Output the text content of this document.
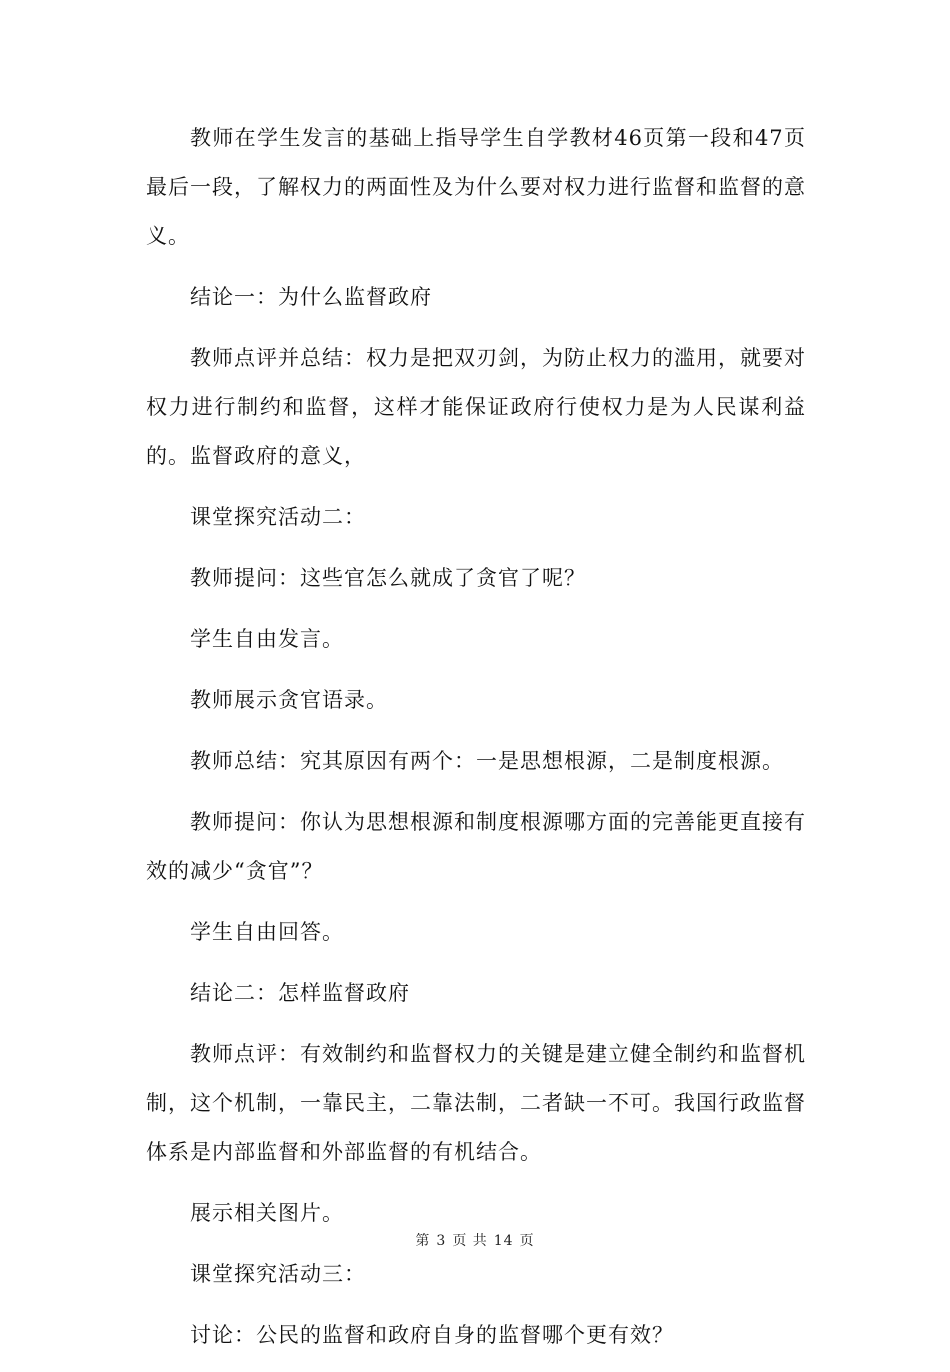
教师在学生发言的基础上指导学生自学教材46页第一段和47页最后一段，了解权力的两面性及为什么要对权力进行监督和监督的意义。

结论一：为什么监督政府

教师点评并总结：权力是把双刃剑，为防止权力的滥用，就要对权力进行制约和监督，这样才能保证政府行使权力是为人民谋利益的。监督政府的意义，

课堂探究活动二：

教师提问：这些官怎么就成了贪官了呢？

学生自由发言。

教师展示贪官语录。

教师总结：究其原因有两个：一是思想根源，二是制度根源。

教师提问：你认为思想根源和制度根源哪方面的完善能更直接有效的减少“贪官”？

学生自由回答。

结论二：怎样监督政府

教师点评：有效制约和监督权力的关键是建立健全制约和监督机制，这个机制，一靠民主，二靠法制，二者缺一不可。我国行政监督体系是内部监督和外部监督的有机结合。

展示相关图片。

课堂探究活动三：

讨论：公民的监督和政府自身的监督哪个更有效？

第 3 页 共 14 页
